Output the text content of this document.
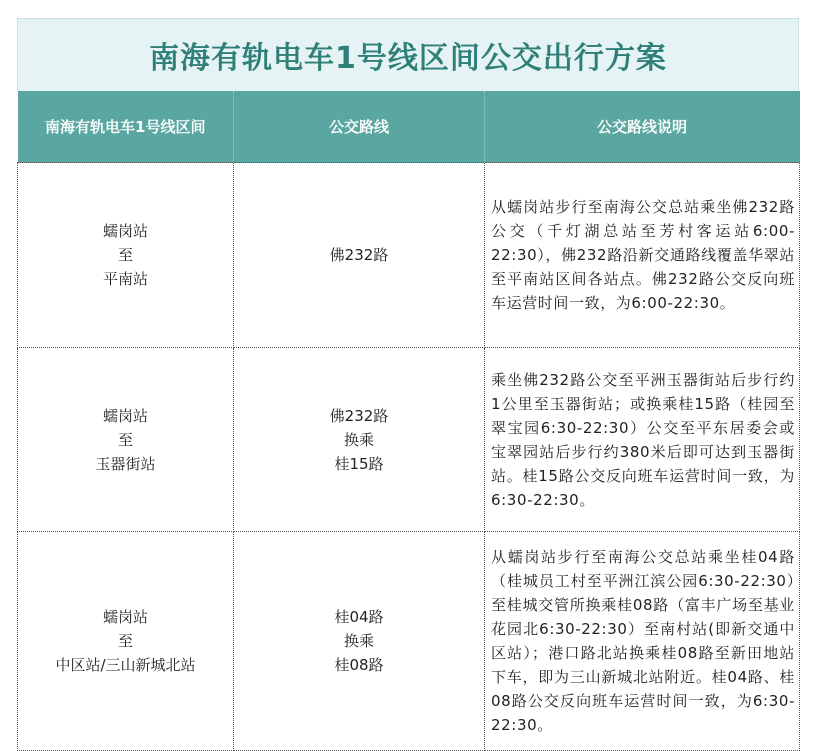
南海有轨电车1号线区间公交出行方案
南海有轨电车1号线区间	公交路线	公交路线说明

蠕岗站
至
平南站	佛232路	从蠕岗站步行至南海公交总站乘坐佛232路公交（千灯湖总站至芳村客运站6:00-22:30），佛232路沿新交通路线覆盖华翠站至平南站区间各站点。佛232路公交反向班车运营时间一致，为6:00-22:30。

蠕岗站
至
玉器街站	佛232路
换乘
桂15路	乘坐佛232路公交至平洲玉器街站后步行约1公里至玉器街站；或换乘桂15路（桂园至翠宝园6:30-22:30）公交至平东居委会或宝翠园站后步行约380米后即可达到玉器街站。桂15路公交反向班车运营时间一致，为6:30-22:30。

蠕岗站
至
中区站/三山新城北站	桂04路
换乘
桂08路	从蠕岗站步行至南海公交总站乘坐桂04路（桂城员工村至平洲江滨公园6:30-22:30）至桂城交管所换乘桂08路（富丰广场至基业花园北6:30-22:30）至南村站(即新交通中区站）；港口路北站换乘桂08路至新田地站下车，即为三山新城北站附近。桂04路、桂08路公交反向班车运营时间一致，为6:30-22:30。
